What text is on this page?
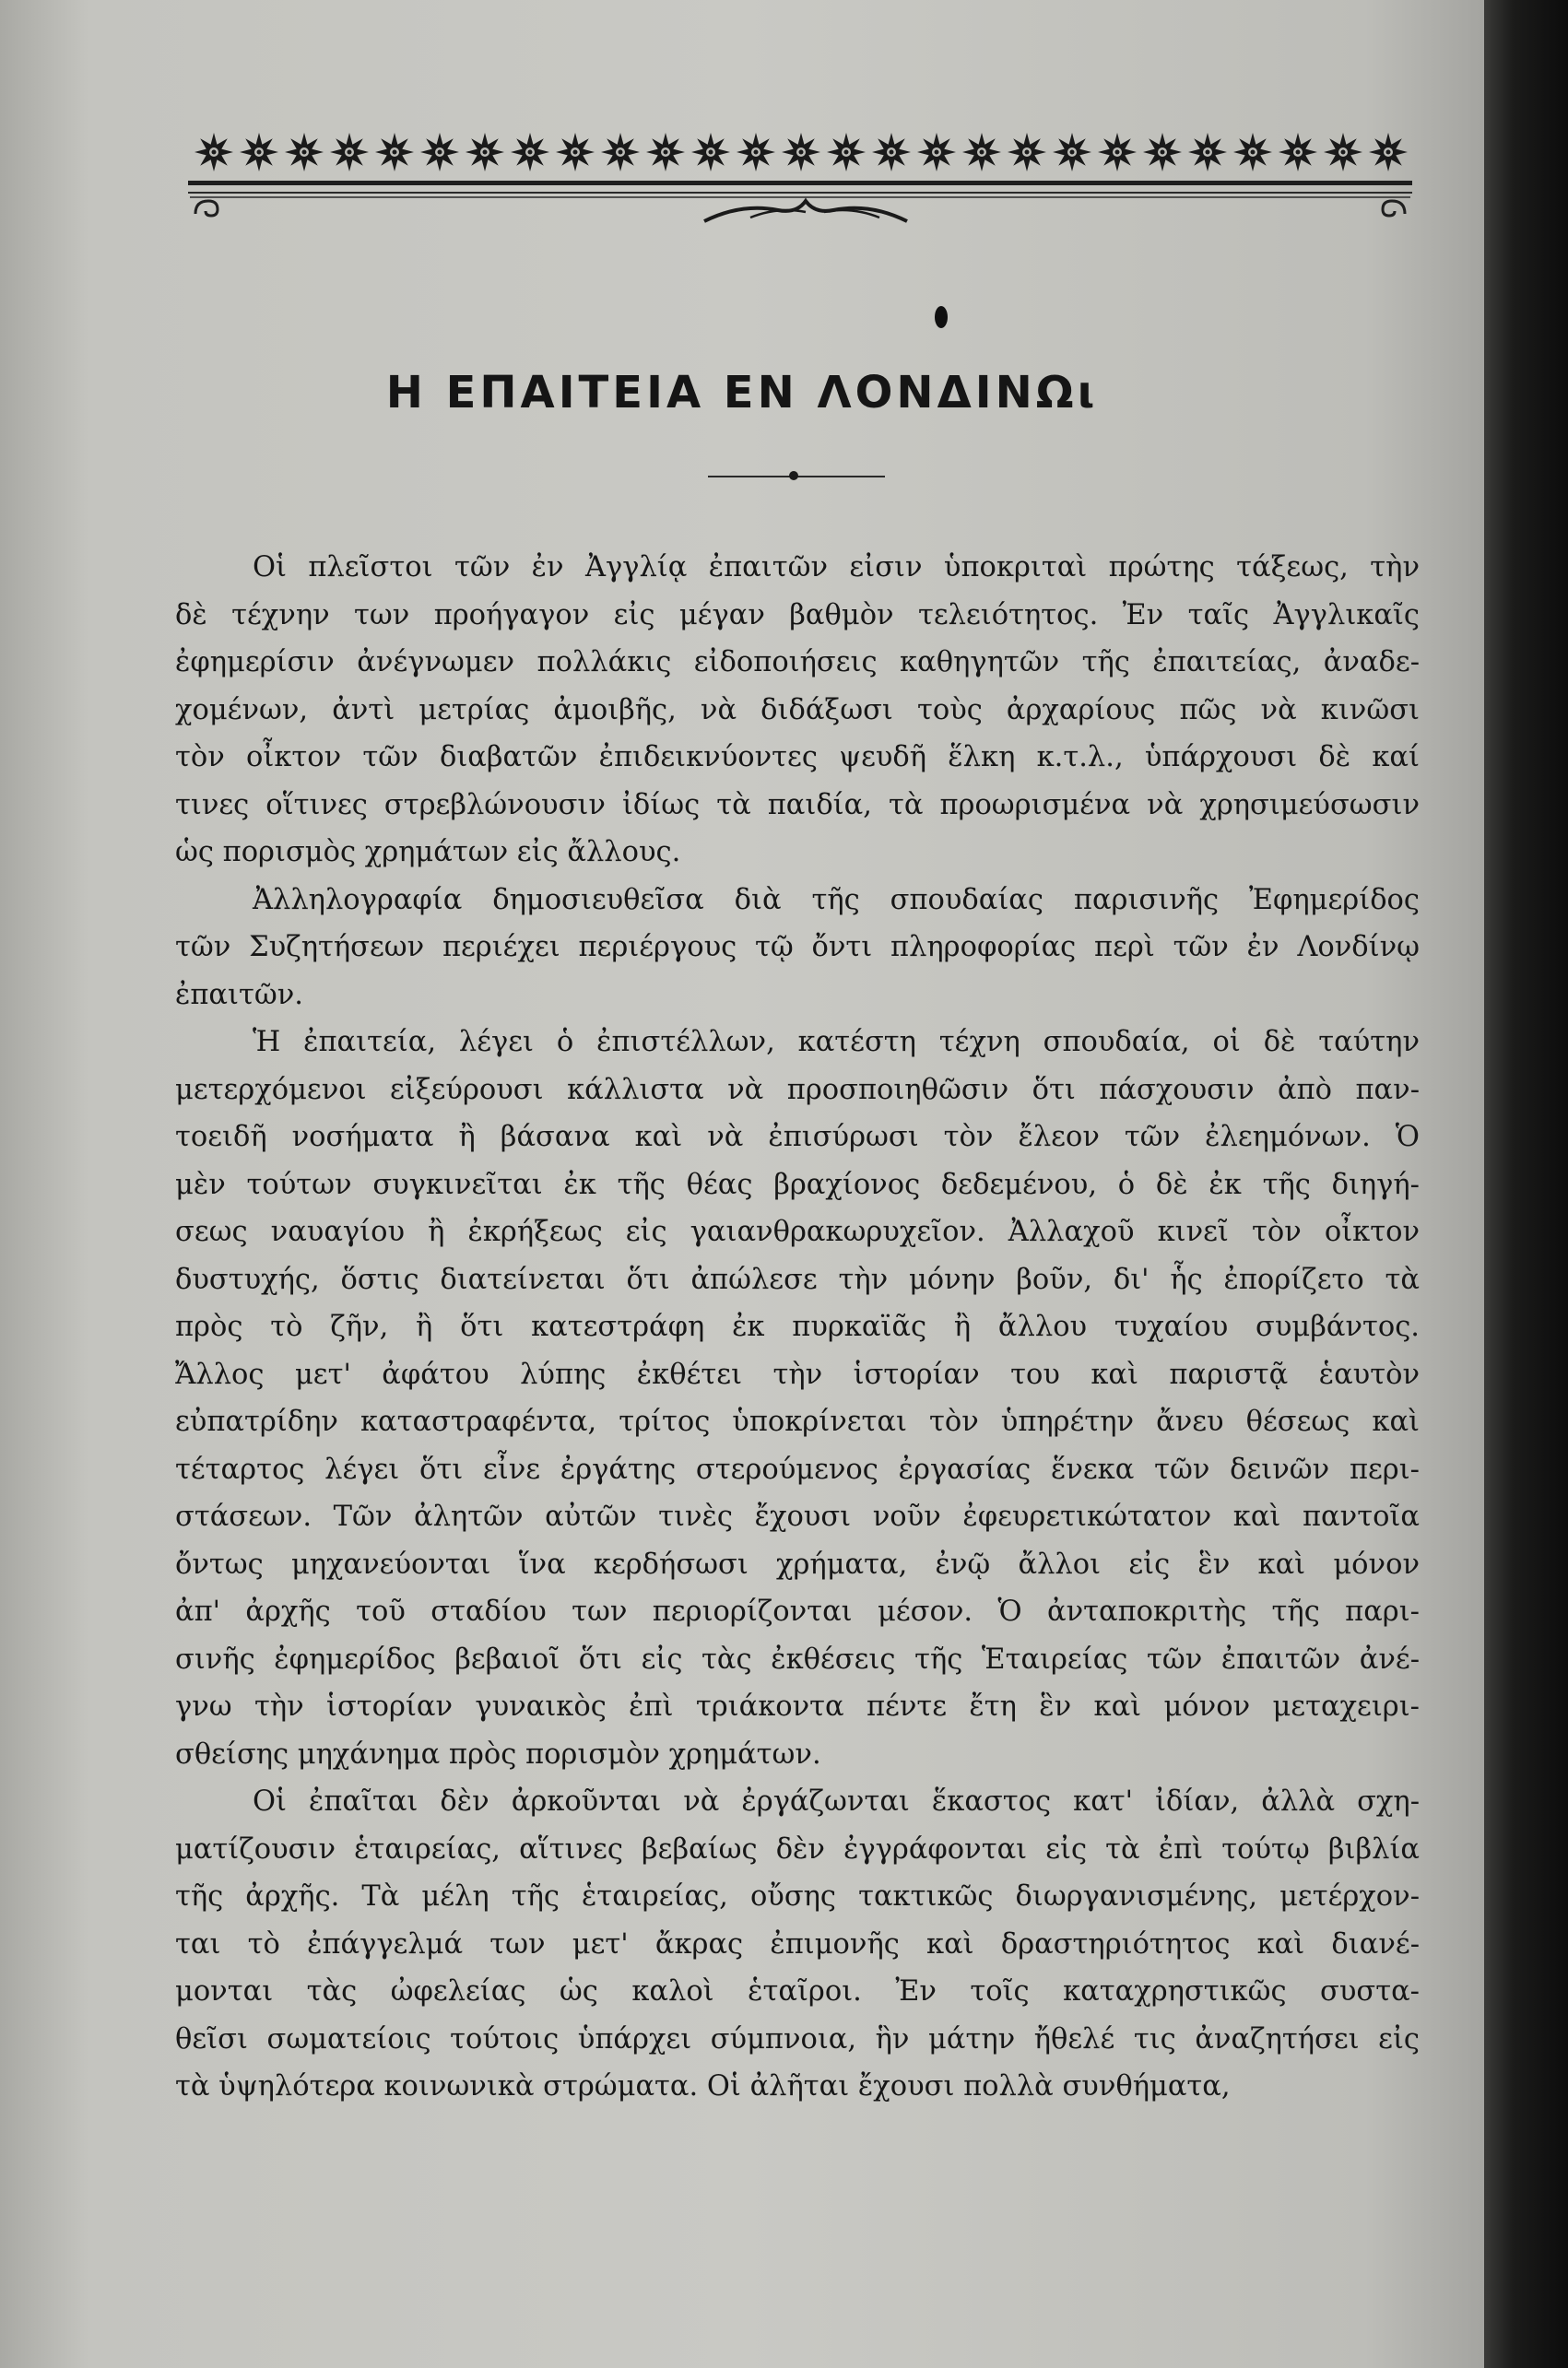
Η ΕΠΑΙΤΕΙΑ ΕΝ ΛΟΝΔΙΝΩι
Οἱ πλεῖστοι τῶν ἐν Ἀγγλίᾳ ἐπαιτῶν εἰσιν ὑποκριταὶ πρώτης τάξεως, τὴν
δὲ τέχνην των προήγαγον εἰς μέγαν βαθμὸν τελειότητος. Ἐν ταῖς Ἀγγλικαῖς
ἐφημερίσιν ἀνέγνωμεν πολλάκις εἰδοποιήσεις καθηγητῶν τῆς ἐπαιτείας, ἀναδε-
χομένων, ἀντὶ μετρίας ἀμοιβῆς, νὰ διδάξωσι τοὺς ἀρχαρίους πῶς νὰ κινῶσι
τὸν οἶκτον τῶν διαβατῶν ἐπιδεικνύοντες ψευδῆ ἕλκη κ.τ.λ., ὑπάρχουσι δὲ καί
τινες οἵτινες στρεβλώνουσιν ἰδίως τὰ παιδία, τὰ προωρισμένα νὰ χρησιμεύσωσιν
ὡς πορισμὸς χρημάτων εἰς ἄλλους.
Ἀλληλογραφία δημοσιευθεῖσα διὰ τῆς σπουδαίας παρισινῆς Ἐφημερίδος
τῶν Συζητήσεων περιέχει περιέργους τῷ ὄντι πληροφορίας περὶ τῶν ἐν Λονδίνῳ
ἐπαιτῶν.
Ἡ ἐπαιτεία, λέγει ὁ ἐπιστέλλων, κατέστη τέχνη σπουδαία, οἱ δὲ ταύτην
μετερχόμενοι εἰξεύρουσι κάλλιστα νὰ προσποιηθῶσιν ὅτι πάσχουσιν ἀπὸ παν-
τοειδῆ νοσήματα ἢ βάσανα καὶ νὰ ἐπισύρωσι τὸν ἔλεον τῶν ἐλεημόνων. Ὁ
μὲν τούτων συγκινεῖται ἐκ τῆς θέας βραχίονος δεδεμένου, ὁ δὲ ἐκ τῆς διηγή-
σεως ναυαγίου ἢ ἐκρήξεως εἰς γαιανθρακωρυχεῖον. Ἀλλαχοῦ κινεῖ τὸν οἶκτον
δυστυχής, ὅστις διατείνεται ὅτι ἀπώλεσε τὴν μόνην βοῦν, δι' ἧς ἐπορίζετο τὰ
πρὸς τὸ ζῆν, ἢ ὅτι κατεστράφη ἐκ πυρκαϊᾶς ἢ ἄλλου τυχαίου συμβάντος.
Ἄλλος μετ' ἀφάτου λύπης ἐκθέτει τὴν ἱστορίαν του καὶ παριστᾷ ἑαυτὸν
εὐπατρίδην καταστραφέντα, τρίτος ὑποκρίνεται τὸν ὑπηρέτην ἄνευ θέσεως καὶ
τέταρτος λέγει ὅτι εἶνε ἐργάτης στερούμενος ἐργασίας ἕνεκα τῶν δεινῶν περι-
στάσεων. Τῶν ἀλητῶν αὐτῶν τινὲς ἔχουσι νοῦν ἐφευρετικώτατον καὶ παντοῖα
ὄντως μηχανεύονται ἵνα κερδήσωσι χρήματα, ἐνῷ ἄλλοι εἰς ἓν καὶ μόνον
ἀπ' ἀρχῆς τοῦ σταδίου των περιορίζονται μέσον. Ὁ ἀνταποκριτὴς τῆς παρι-
σινῆς ἐφημερίδος βεβαιοῖ ὅτι εἰς τὰς ἐκθέσεις τῆς Ἑταιρείας τῶν ἐπαιτῶν ἀνέ-
γνω τὴν ἱστορίαν γυναικὸς ἐπὶ τριάκοντα πέντε ἔτη ἓν καὶ μόνον μεταχειρι-
σθείσης μηχάνημα πρὸς πορισμὸν χρημάτων.
Οἱ ἐπαῖται δὲν ἀρκοῦνται νὰ ἐργάζωνται ἕκαστος κατ' ἰδίαν, ἀλλὰ σχη-
ματίζουσιν ἑταιρείας, αἵτινες βεβαίως δὲν ἐγγράφονται εἰς τὰ ἐπὶ τούτῳ βιβλία
τῆς ἀρχῆς. Τὰ μέλη τῆς ἑταιρείας, οὔσης τακτικῶς διωργανισμένης, μετέρχον-
ται τὸ ἐπάγγελμά των μετ' ἄκρας ἐπιμονῆς καὶ δραστηριότητος καὶ διανέ-
μονται τὰς ὠφελείας ὡς καλοὶ ἑταῖροι. Ἐν τοῖς καταχρηστικῶς συστα-
θεῖσι σωματείοις τούτοις ὑπάρχει σύμπνοια, ἣν μάτην ἤθελέ τις ἀναζητήσει εἰς
τὰ ὑψηλότερα κοινωνικὰ στρώματα. Οἱ ἀλῆται ἔχουσι πολλὰ συνθήματα,
